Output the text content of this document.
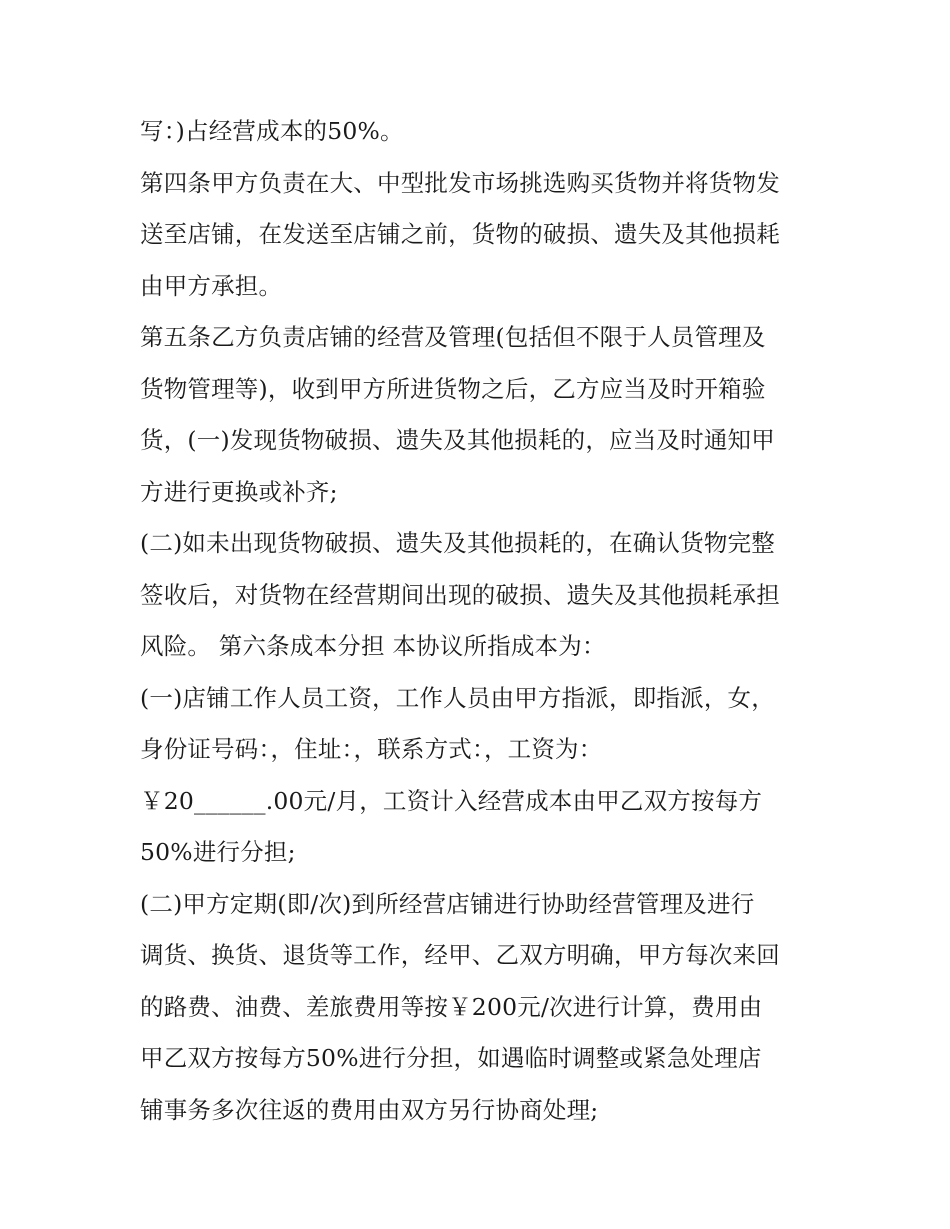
写：)占经营成本的50%。
第四条甲方负责在大、中型批发市场挑选购买货物并将货物发
送至店铺，在发送至店铺之前，货物的破损、遗失及其他损耗
由甲方承担。
第五条乙方负责店铺的经营及管理(包括但不限于人员管理及
货物管理等)，收到甲方所进货物之后，乙方应当及时开箱验
货，(一)发现货物破损、遗失及其他损耗的，应当及时通知甲
方进行更换或补齐;
(二)如未出现货物破损、遗失及其他损耗的，在确认货物完整
签收后，对货物在经营期间出现的破损、遗失及其他损耗承担
风险。 第六条成本分担 本协议所指成本为：
(一)店铺工作人员工资，工作人员由甲方指派，即指派，女，
身份证号码：，住址：，联系方式：，工资为：
￥20______.00元/月，工资计入经营成本由甲乙双方按每方
50%进行分担;
(二)甲方定期(即/次)到所经营店铺进行协助经营管理及进行
调货、换货、退货等工作，经甲、乙双方明确，甲方每次来回
的路费、油费、差旅费用等按￥200元/次进行计算，费用由
甲乙双方按每方50%进行分担，如遇临时调整或紧急处理店
铺事务多次往返的费用由双方另行协商处理;
